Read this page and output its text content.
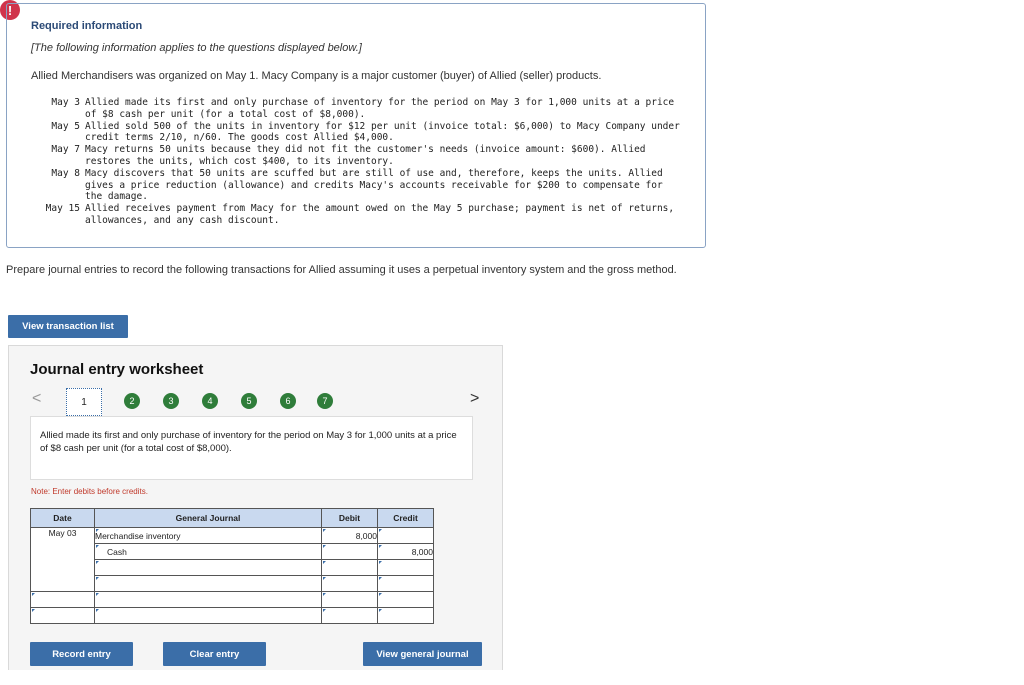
!
Required information
[The following information applies to the questions displayed below.]
Allied Merchandisers was organized on May 1. Macy Company is a major customer (buyer) of Allied (seller) products.
May 3 Allied made its first and only purchase of inventory for the period on May 3 for 1,000 units at a price of $8 cash per unit (for a total cost of $8,000).
May 5 Allied sold 500 of the units in inventory for $12 per unit (invoice total: $6,000) to Macy Company under credit terms 2/10, n/60. The goods cost Allied $4,000.
May 7 Macy returns 50 units because they did not fit the customer's needs (invoice amount: $600). Allied restores the units, which cost $400, to its inventory.
May 8 Macy discovers that 50 units are scuffed but are still of use and, therefore, keeps the units. Allied gives a price reduction (allowance) and credits Macy's accounts receivable for $200 to compensate for the damage.
May 15 Allied receives payment from Macy for the amount owed on the May 5 purchase; payment is net of returns, allowances, and any cash discount.
Prepare journal entries to record the following transactions for Allied assuming it uses a perpetual inventory system and the gross method.
View transaction list
Journal entry worksheet
<	1	2	3	4	5	6	7	>
Allied made its first and only purchase of inventory for the period on May 3 for 1,000 units at a price of $8 cash per unit (for a total cost of $8,000).
Note: Enter debits before credits.
Date	General Journal	Debit	Credit
May 03	Merchandise inventory	8,000

	Cash		8,000

Record entry	Clear entry	View general journal
